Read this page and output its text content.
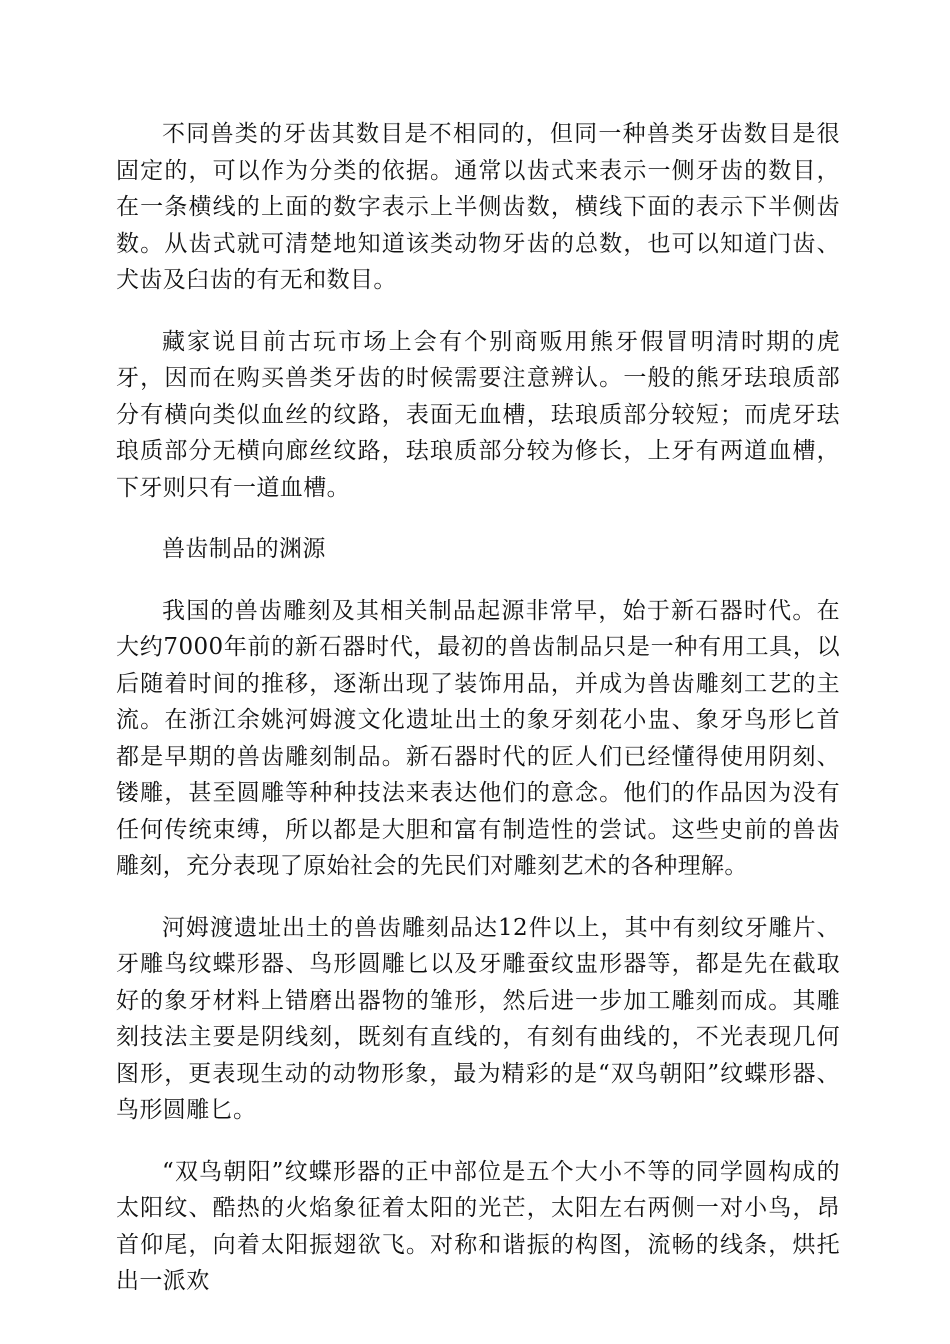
不同兽类的牙齿其数目是不相同的，但同一种兽类牙齿数目是很固定的，可以作为分类的依据。通常以齿式来表示一侧牙齿的数目，在一条横线的上面的数字表示上半侧齿数，横线下面的表示下半侧齿数。从齿式就可清楚地知道该类动物牙齿的总数，也可以知道门齿、犬齿及臼齿的有无和数目。

藏家说目前古玩市场上会有个别商贩用熊牙假冒明清时期的虎牙，因而在购买兽类牙齿的时候需要注意辨认。一般的熊牙珐琅质部分有横向类似血丝的纹路，表面无血槽，珐琅质部分较短；而虎牙珐琅质部分无横向廊丝纹路，珐琅质部分较为修长，上牙有两道血槽，下牙则只有一道血槽。

兽齿制品的渊源

我国的兽齿雕刻及其相关制品起源非常早，始于新石器时代。在大约7000年前的新石器时代，最初的兽齿制品只是一种有用工具，以后随着时间的推移，逐渐出现了装饰用品，并成为兽齿雕刻工艺的主流。在浙江余姚河姆渡文化遗址出土的象牙刻花小盅、象牙鸟形匕首都是早期的兽齿雕刻制品。新石器时代的匠人们已经懂得使用阴刻、镂雕，甚至圆雕等种种技法来表达他们的意念。他们的作品因为没有任何传统束缚，所以都是大胆和富有制造性的尝试。这些史前的兽齿雕刻，充分表现了原始社会的先民们对雕刻艺术的各种理解。

河姆渡遗址出土的兽齿雕刻品达12件以上，其中有刻纹牙雕片、牙雕鸟纹蝶形器、鸟形圆雕匕以及牙雕蚕纹盅形器等，都是先在截取好的象牙材料上错磨出器物的雏形，然后进一步加工雕刻而成。其雕刻技法主要是阴线刻，既刻有直线的，有刻有曲线的，不光表现几何图形，更表现生动的动物形象，最为精彩的是“双鸟朝阳”纹蝶形器、鸟形圆雕匕。

“双鸟朝阳”纹蝶形器的正中部位是五个大小不等的同学圆构成的太阳纹、酷热的火焰象征着太阳的光芒，太阳左右两侧一对小鸟，昂首仰尾，向着太阳振翅欲飞。对称和谐振的构图，流畅的线条，烘托出一派欢
